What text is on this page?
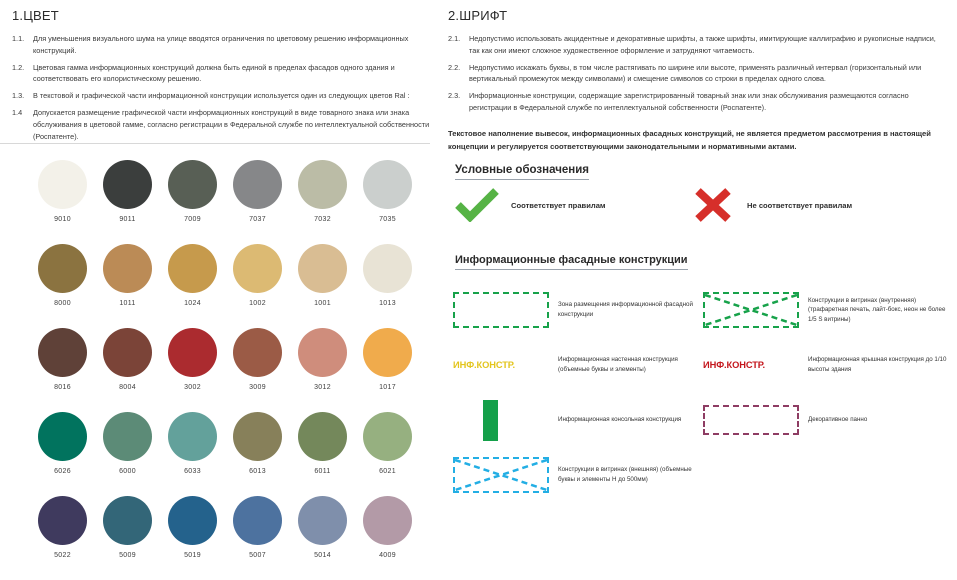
1.ЦВЕТ
1.1.	Для уменьшения визуального шума на улице вводятся ограничения по цветовому решению информационных конструкций.
1.2.	Цветовая гамма информационных конструкций должна быть единой в пределах фасадов одного здания и соответствовать его колористическому решению.
1.3.	В текстовой и графической части информационной конструкции используется один из следующих цветов Ral :
1.4	Допускается размещение графической части информационных конструкций в виде товарного знака или знака обслуживания в цветовой гамме, согласно регистрации в Федеральной службе по интеллектуальной собственности (Роспатенте).
2.ШРИФТ
2.1.	Недопустимо использовать акцидентные и декоративные шрифты, а также шрифты, имитирующие каллиграфию и рукописные надписи, так как они имеют сложное художественное оформление и затрудняют читаемость.
2.2.	Недопустимо искажать буквы, в том числе растягивать по ширине или высоте, применять различный интервал (горизонтальный или вертикальный промежуток между символами) и смещение символов со строки в пределах одного слова.
2.3.	Информационные конструкции, содержащие зарегистрированный товарный знак или знак обслуживания размещаются согласно регистрации в Федеральной службе по интеллектуальной собственности (Роспатенте).
Текстовое наполнение вывесок, информационных фасадных конструкций, не является предметом рассмотрения в настоящей концепции и регулируется соответствующими законодательными и нормативными актами.
9010	9011	7009	7037	7032	7035
8000	1011	1024	1002	1001	1013
8016	8004	3002	3009	3012	1017
6026	6000	6033	6013	6011	6021
5022	5009	5019	5007	5014	4009
Условные обозначения
Соответствует правилам	Не соответствует правилам
Информационные фасадные конструкции
Зона размещения информационной фасадной конструкции
ИНФ.КОНСТР.
Информационная настенная конструкция (объемные буквы и элементы)
Информационная консольная конструкция
Конструкции в витринах (внешняя) (объемные буквы и элементы Н до 500мм)
Конструкции в витринах (внутренняя) (трафаретная печать, лайт-бокс, неон не более 1/5 S витрины)
ИНФ.КОНСТР.
Информационная крышная конструкция до 1/10 высоты здания
Декоративное панно
